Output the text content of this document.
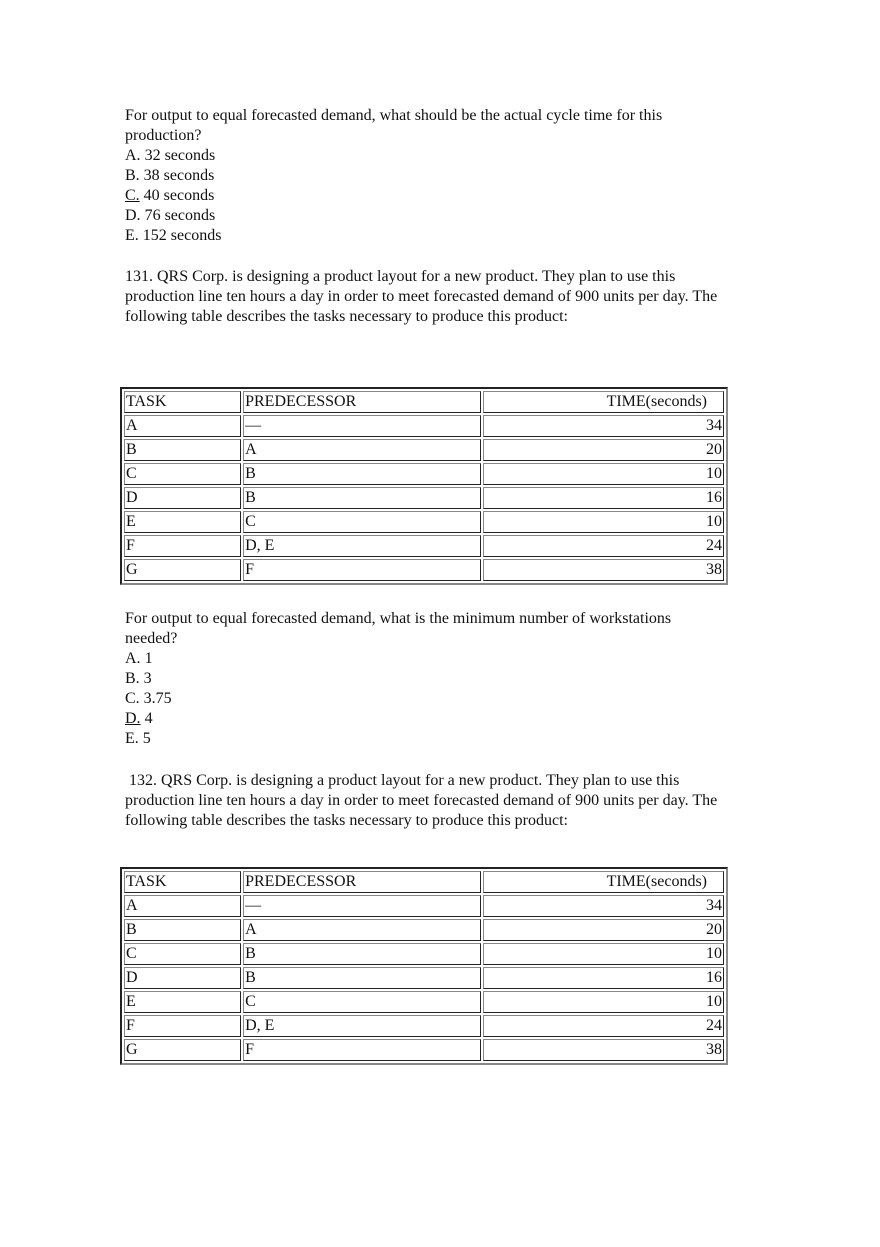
For output to equal forecasted demand, what should be the actual cycle time for this
production?
A. 32 seconds
B. 38 seconds
C. 40 seconds
D. 76 seconds
E. 152 seconds
131. QRS Corp. is designing a product layout for a new product. They plan to use this
production line ten hours a day in order to meet forecasted demand of 900 units per day. The
following table describes the tasks necessary to produce this product:
TASK	PREDECESSOR	TIME(seconds)
A	—	34
B	A	20
C	B	10
D	B	16
E	C	10
F	D, E	24
G	F	38
For output to equal forecasted demand, what is the minimum number of workstations
needed?
A. 1
B. 3
C. 3.75
D. 4
E. 5
132. QRS Corp. is designing a product layout for a new product. They plan to use this
production line ten hours a day in order to meet forecasted demand of 900 units per day. The
following table describes the tasks necessary to produce this product:
TASK	PREDECESSOR	TIME(seconds)
A	—	34
B	A	20
C	B	10
D	B	16
E	C	10
F	D, E	24
G	F	38
